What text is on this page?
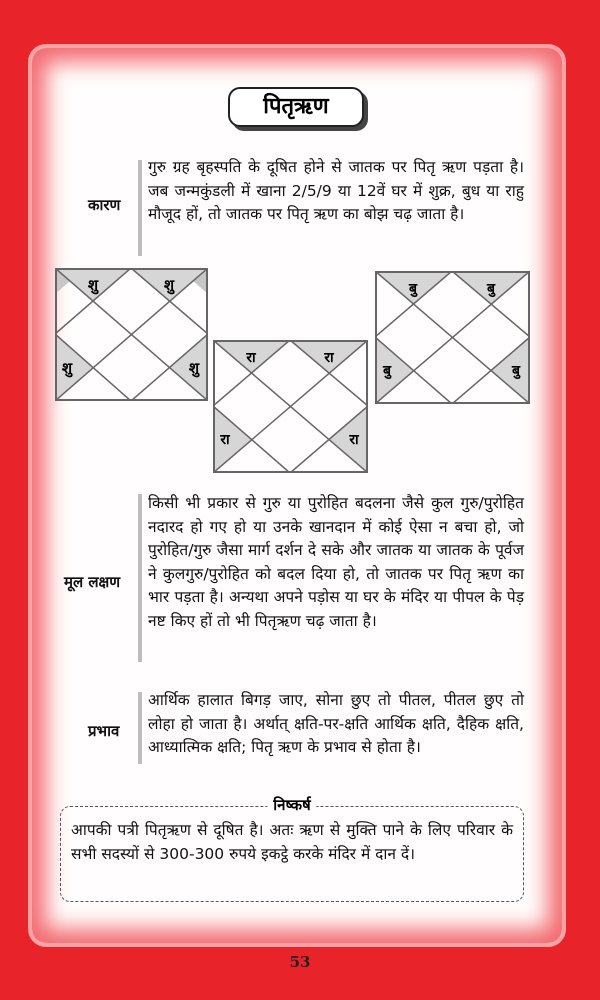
पितृऋण
कारण
गुरु ग्रह बृहस्पति के दूषित होने से जातक पर पितृ ऋण पड़ता है। जब जन्मकुंडली में खाना 2/5/9 या 12वें घर में शुक्र, बुध या राहु मौजूद हों, तो जातक पर पितृ ऋण का बोझ चढ़ जाता है।
शु	शु
शु	शु
रा	रा
रा	रा
बु	बु
बु	बु
मूल लक्षण
किसी भी प्रकार से गुरु या पुरोहित बदलना जैसे कुल गुरु/पुरोहित नदारद हो गए हो या उनके खानदान में कोई ऐसा न बचा हो, जो पुरोहित/गुरु जैसा मार्ग दर्शन दे सके और जातक या जातक के पूर्वज ने कुलगुरु/पुरोहित को बदल दिया हो, तो जातक पर पितृ ऋण का भार पड़ता है। अन्यथा अपने पड़ोस या घर के मंदिर या पीपल के पेड़ नष्ट किए हों तो भी पितृऋण चढ़ जाता है।
प्रभाव
आर्थिक हालात बिगड़ जाए, सोना छुए तो पीतल, पीतल छुए तो लोहा हो जाता है। अर्थात् क्षति-पर-क्षति आर्थिक क्षति, दैहिक क्षति, आध्यात्मिक क्षति; पितृ ऋण के प्रभाव से होता है।
निष्कर्ष
आपकी पत्री पितृऋण से दूषित है। अतः ऋण से मुक्ति पाने के लिए परिवार के सभी सदस्यों से 300-300 रुपये इकट्ठे करके मंदिर में दान दें।
53
